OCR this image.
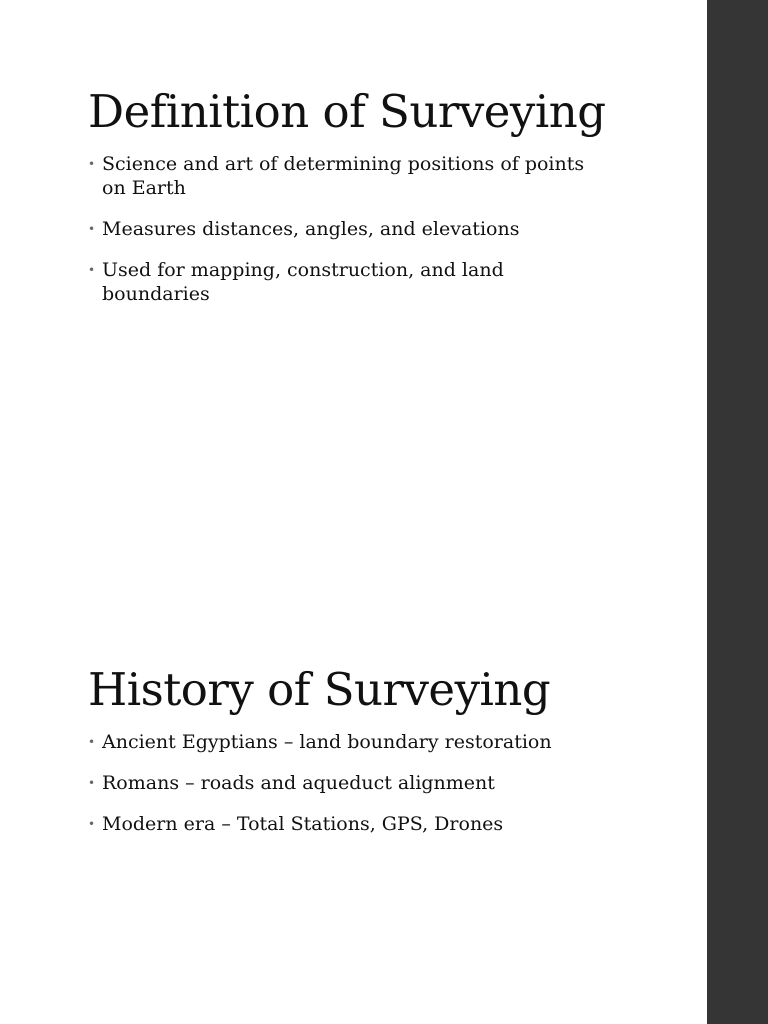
Definition of Surveying
• Science and art of determining positions of points on Earth
• Measures distances, angles, and elevations
• Used for mapping, construction, and land boundaries
History of Surveying
• Ancient Egyptians – land boundary restoration
• Romans – roads and aqueduct alignment
• Modern era – Total Stations, GPS, Drones
